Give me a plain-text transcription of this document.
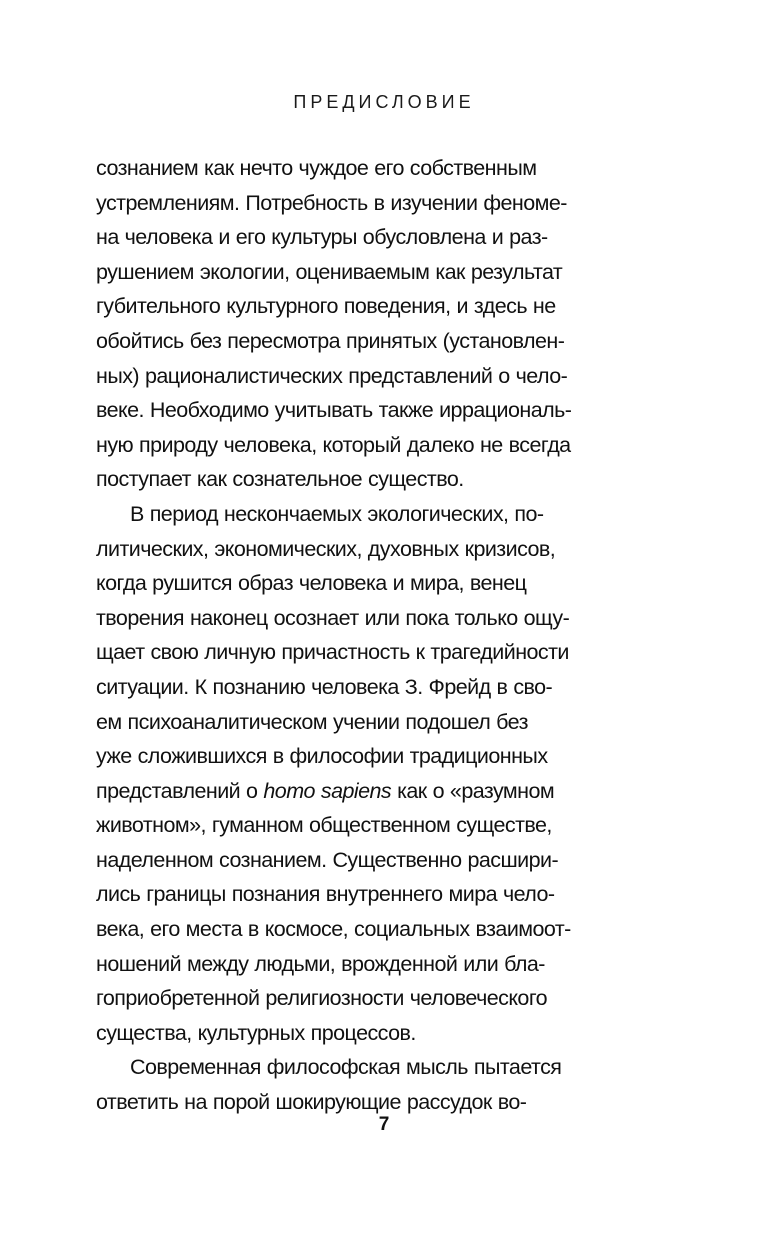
ПРЕДИСЛОВИЕ
сознанием как нечто чуждое его собственным
устремлениям. Потребность в изучении феноме-
на человека и его культуры обусловлена и раз-
рушением экологии, оцениваемым как результат
губительного культурного поведения, и здесь не
обойтись без пересмотра принятых (установлен-
ных) рационалистических представлений о чело-
веке. Необходимо учитывать также иррациональ-
ную природу человека, который далеко не всегда
поступает как сознательное существо.
В период нескончаемых экологических, по-
литических, экономических, духовных кризисов,
когда рушится образ человека и мира, венец
творения наконец осознает или пока только ощу-
щает свою личную причастность к трагедийности
ситуации. К познанию человека З. Фрейд в сво-
ем психоаналитическом учении подошел без
уже сложившихся в философии традиционных
представлений о homo sapiens как о «разумном
животном», гуманном общественном существе,
наделенном сознанием. Существенно расшири-
лись границы познания внутреннего мира чело-
века, его места в космосе, социальных взаимоот-
ношений между людьми, врожденной или бла-
гоприобретенной религиозности человеческого
существа, культурных процессов.
Современная философская мысль пытается
ответить на порой шокирующие рассудок во-
7
